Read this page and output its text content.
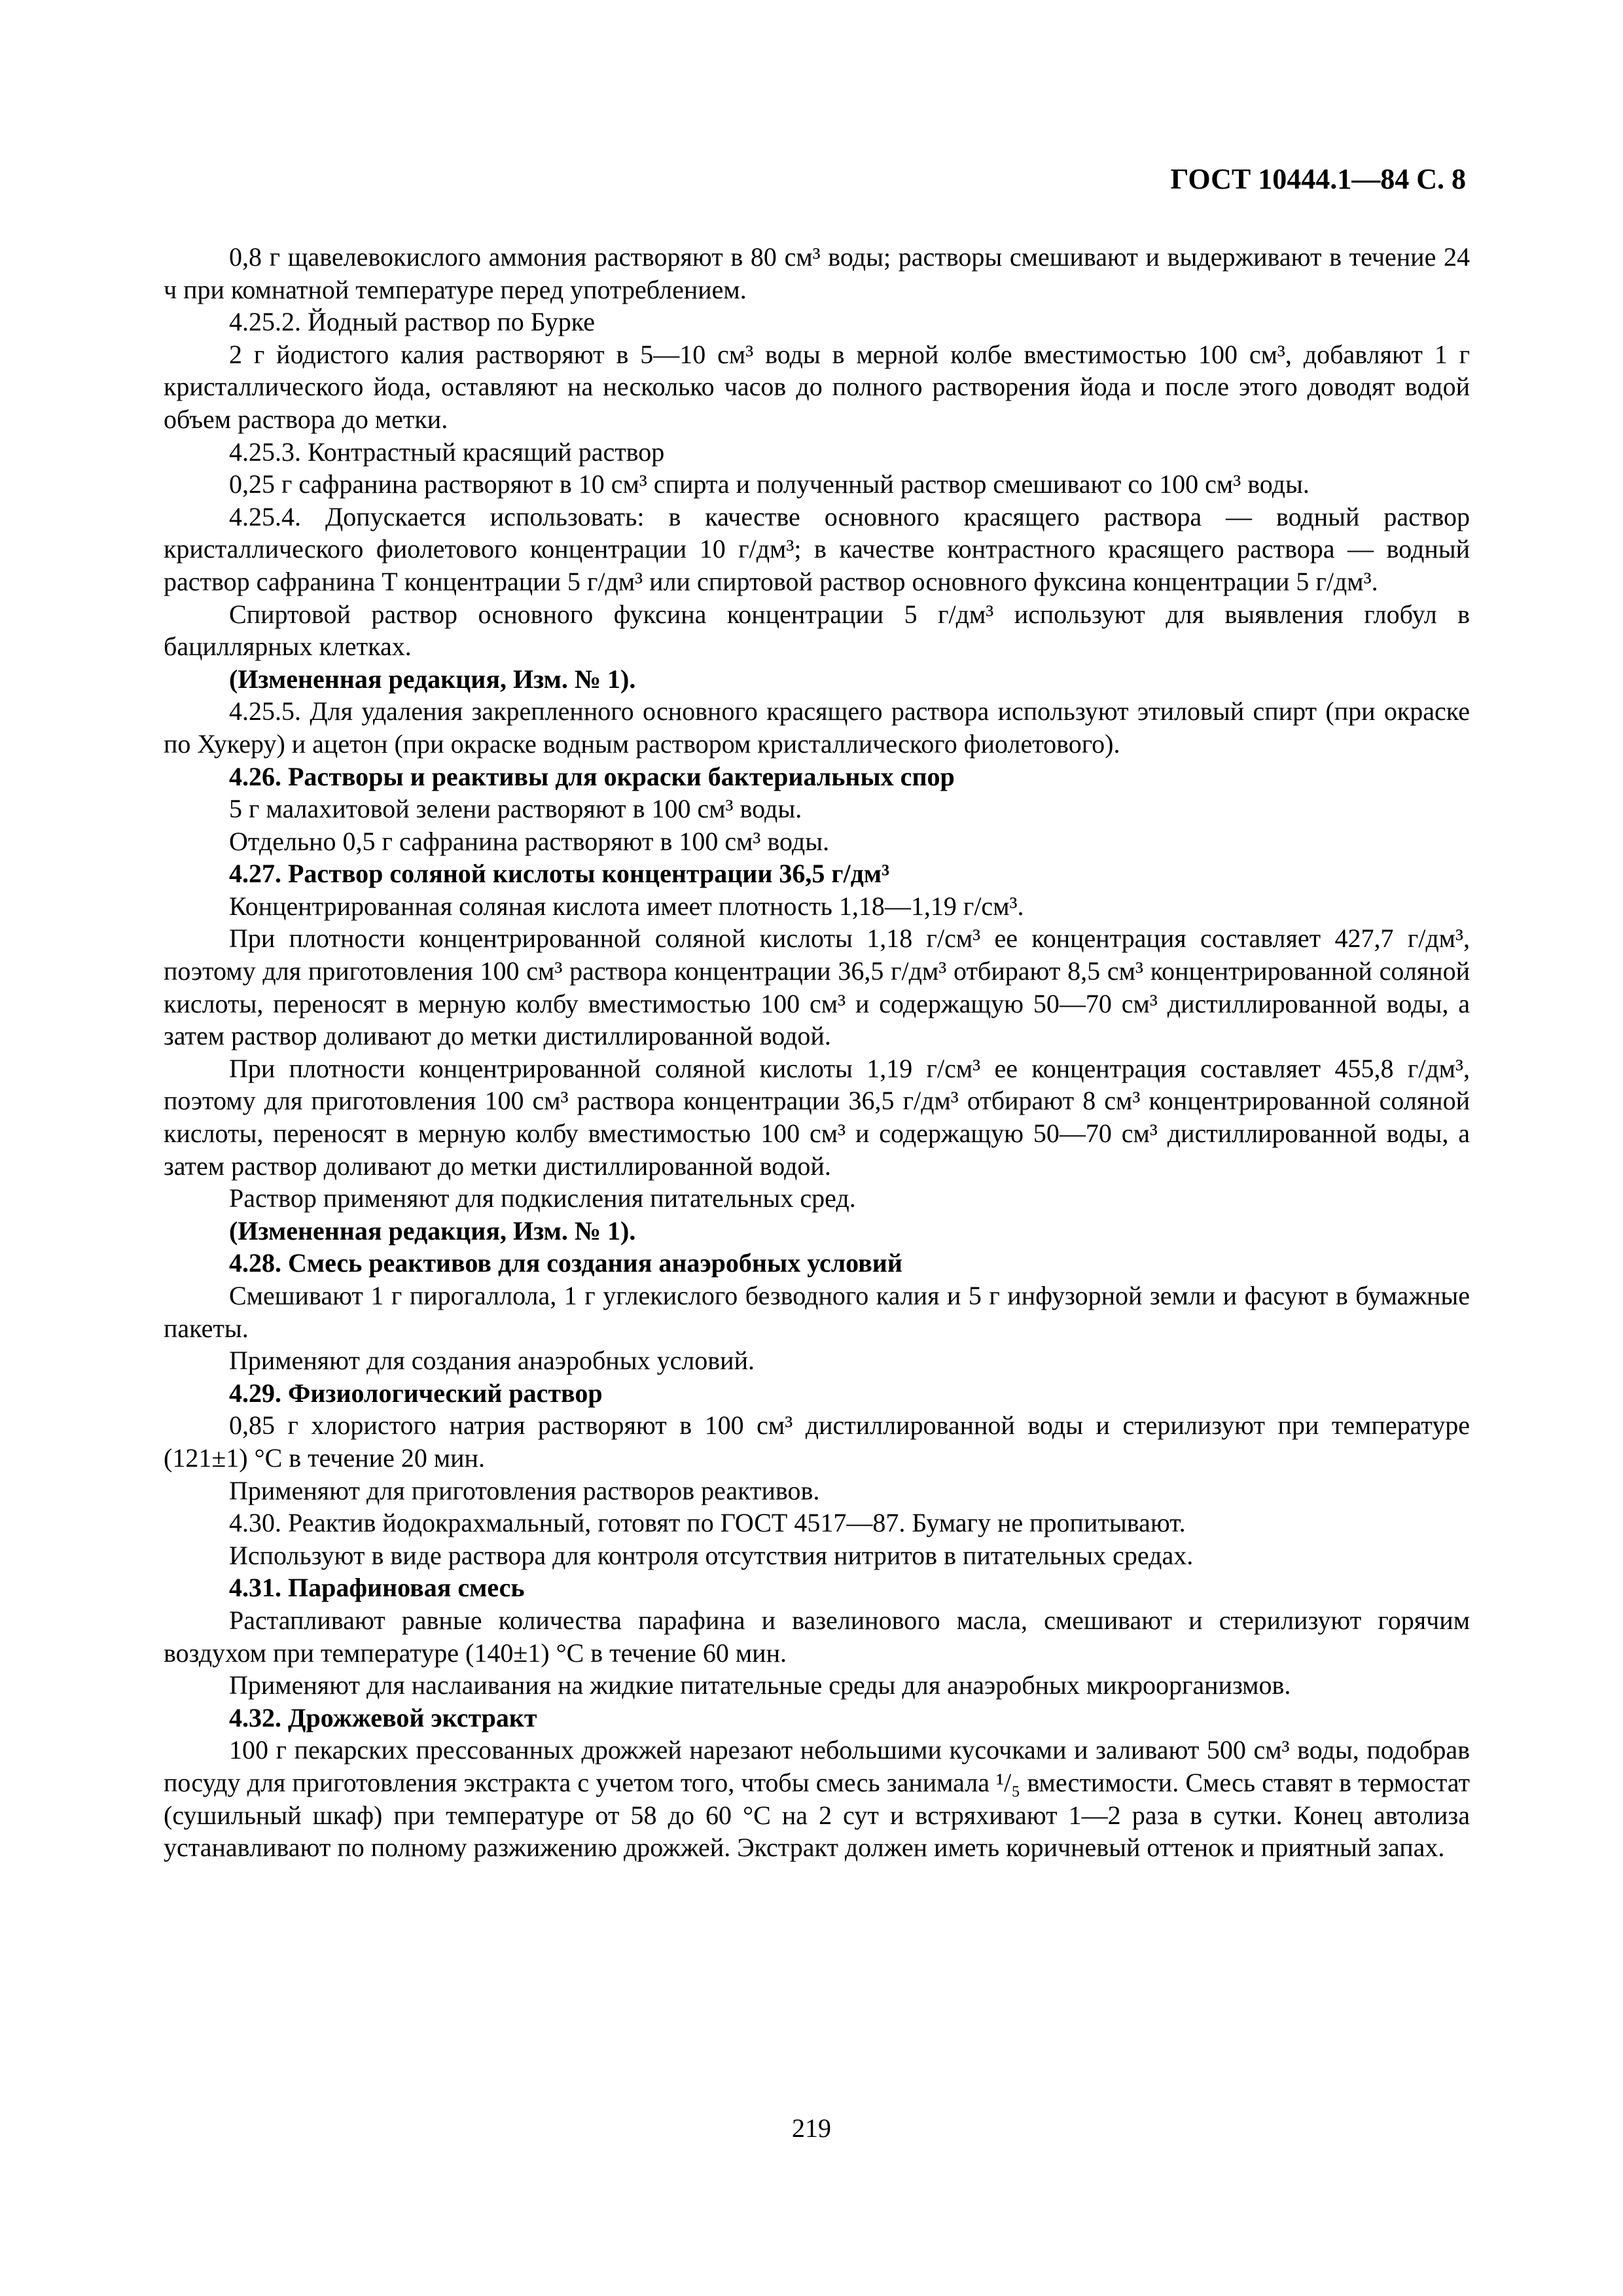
ГОСТ 10444.1—84 С. 8

0,8 г щавелевокислого аммония растворяют в 80 см³ воды; растворы смешивают и выдерживают в течение 24 ч при комнатной температуре перед употреблением.

4.25.2. Йодный раствор по Бурке

2 г йодистого калия растворяют в 5—10 см³ воды в мерной колбе вместимостью 100 см³, добавляют 1 г кристаллического йода, оставляют на несколько часов до полного растворения йода и после этого доводят водой объем раствора до метки.

4.25.3. Контрастный красящий раствор

0,25 г сафранина растворяют в 10 см³ спирта и полученный раствор смешивают со 100 см³ воды.

4.25.4. Допускается использовать: в качестве основного красящего раствора — водный раствор кристаллического фиолетового концентрации 10 г/дм³; в качестве контрастного красящего раствора — водный раствор сафранина Т концентрации 5 г/дм³ или спиртовой раствор основного фуксина концентрации 5 г/дм³.

Спиртовой раствор основного фуксина концентрации 5 г/дм³ используют для выявления глобул в бациллярных клетках.

(Измененная редакция, Изм. № 1).

4.25.5. Для удаления закрепленного основного красящего раствора используют этиловый спирт (при окраске по Хукеру) и ацетон (при окраске водным раствором кристаллического фиолетового).

4.26. Растворы и реактивы для окраски бактериальных спор

5 г малахитовой зелени растворяют в 100 см³ воды.

Отдельно 0,5 г сафранина растворяют в 100 см³ воды.

4.27. Раствор соляной кислоты концентрации 36,5 г/дм³

Концентрированная соляная кислота имеет плотность 1,18—1,19 г/см³.

При плотности концентрированной соляной кислоты 1,18 г/см³ ее концентрация составляет 427,7 г/дм³, поэтому для приготовления 100 см³ раствора концентрации 36,5 г/дм³ отбирают 8,5 см³ концентрированной соляной кислоты, переносят в мерную колбу вместимостью 100 см³ и содержащую 50—70 см³ дистиллированной воды, а затем раствор доливают до метки дистиллированной водой.

При плотности концентрированной соляной кислоты 1,19 г/см³ ее концентрация составляет 455,8 г/дм³, поэтому для приготовления 100 см³ раствора концентрации 36,5 г/дм³ отбирают 8 см³ концентрированной соляной кислоты, переносят в мерную колбу вместимостью 100 см³ и содержащую 50—70 см³ дистиллированной воды, а затем раствор доливают до метки дистиллированной водой.

Раствор применяют для подкисления питательных сред.

(Измененная редакция, Изм. № 1).

4.28. Смесь реактивов для создания анаэробных условий

Смешивают 1 г пирогаллола, 1 г углекислого безводного калия и 5 г инфузорной земли и фасуют в бумажные пакеты.

Применяют для создания анаэробных условий.

4.29. Физиологический раствор

0,85 г хлористого натрия растворяют в 100 см³ дистиллированной воды и стерилизуют при температуре (121±1) °С в течение 20 мин.

Применяют для приготовления растворов реактивов.

4.30. Реактив йодокрахмальный, готовят по ГОСТ 4517—87. Бумагу не пропитывают.

Используют в виде раствора для контроля отсутствия нитритов в питательных средах.

4.31. Парафиновая смесь

Растапливают равные количества парафина и вазелинового масла, смешивают и стерилизуют горячим воздухом при температуре (140±1) °С в течение 60 мин.

Применяют для наслаивания на жидкие питательные среды для анаэробных микроорганизмов.

4.32. Дрожжевой экстракт

100 г пекарских прессованных дрожжей нарезают небольшими кусочками и заливают 500 см³ воды, подобрав посуду для приготовления экстракта с учетом того, чтобы смесь занимала ¹/₅ вместимости. Смесь ставят в термостат (сушильный шкаф) при температуре от 58 до 60 °С на 2 сут и встряхивают 1—2 раза в сутки. Конец автолиза устанавливают по полному разжижению дрожжей. Экстракт должен иметь коричневый оттенок и приятный запах.

219
